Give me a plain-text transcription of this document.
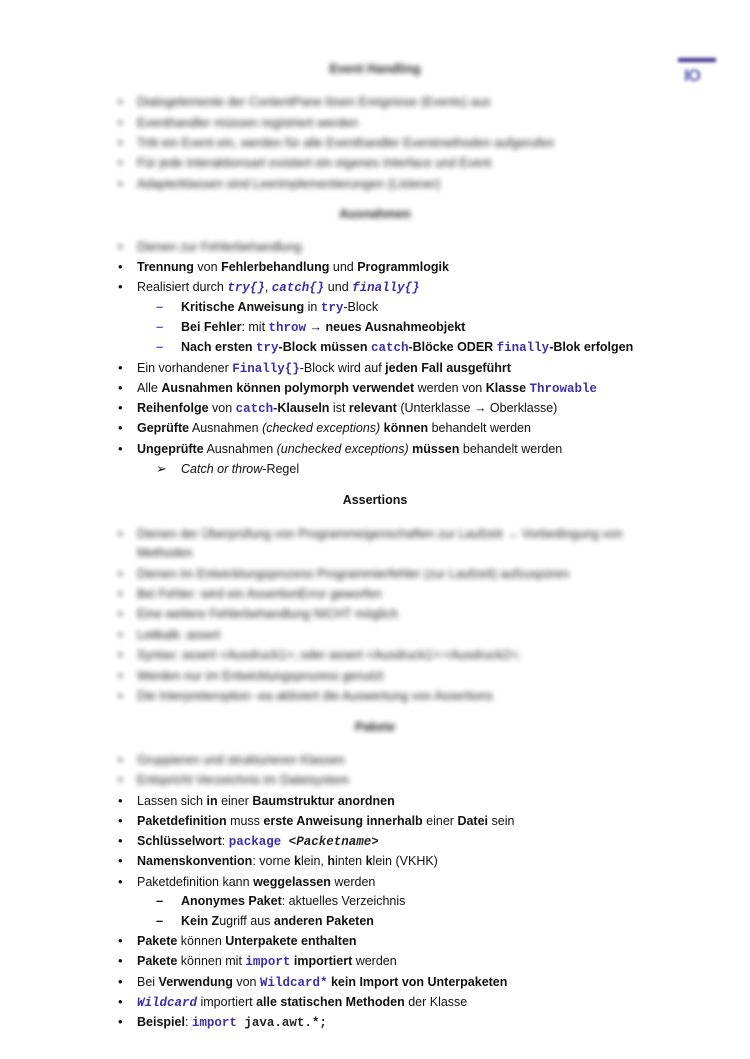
IO
Event Handling
• Dialogelemente der ContentPane lösen Ereignisse (Events) aus
• Eventhandler müssen registriert werden
• Tritt ein Event ein, werden für alle Eventhandler Eventmethoden aufgerufen
• Für jede Interaktionsart existiert ein eigenes Interface und Event
• Adapterklassen sind Leerimplementierungen (Listener)
Ausnahmen
• Dienen zur Fehlerbehandlung
• Trennung von Fehlerbehandlung und Programmlogik
• Realisiert durch try{}, catch{} und finally{}
– Kritische Anweisung in try-Block
– Bei Fehler: mit throw → neues Ausnahmeobjekt
– Nach ersten try-Block müssen catch-Blöcke ODER finally-Blok erfolgen
• Ein vorhandener Finally{}-Block wird auf jeden Fall ausgeführt
• Alle Ausnahmen können polymorph verwendet werden von Klasse Throwable
• Reihenfolge von catch-Klauseln ist relevant (Unterklasse → Oberklasse)
• Geprüfte Ausnahmen (checked exceptions) können behandelt werden
• Ungeprüfte Ausnahmen (unchecked exceptions) müssen behandelt werden
➢ Catch or throw-Regel
Assertions
• Dienen der Überprüfung von Programmeigenschaften zur Laufzeit → Vorbedingung von
Methoden
• Dienen im Entwicklungsprozess Programmierfehler (zur Laufzeit) aufzuspüren
• Bei Fehler: wird ein AssertionError geworfen
• Eine weitere Fehlerbehandlung NICHT möglich
• Leitkalk: assert
• Syntax: assert <Ausdruck1>; oder assert <Ausdruck1>:<Ausdruck2>;
• Werden nur im Entwicklungsprozess genutzt
• Die Interpreteroption -ea aktiviert die Auswertung von Assertions
Pakete
• Gruppieren und strukturieren Klassen
• Entspricht Verzeichnis im Dateisystem
• Lassen sich in einer Baumstruktur anordnen
• Paketdefinition muss erste Anweisung innerhalb einer Datei sein
• Schlüsselwort: package <Packetname>
• Namenskonvention: vorne klein, hinten klein (VKHK)
• Paketdefinition kann weggelassen werden
– Anonymes Paket: aktuelles Verzeichnis
– Kein Zugriff aus anderen Paketen
• Pakete können Unterpakete enthalten
• Pakete können mit import importiert werden
• Bei Verwendung von Wildcard* kein Import von Unterpaketen
• Wildcard importiert alle statischen Methoden der Klasse
• Beispiel: import java.awt.*;
